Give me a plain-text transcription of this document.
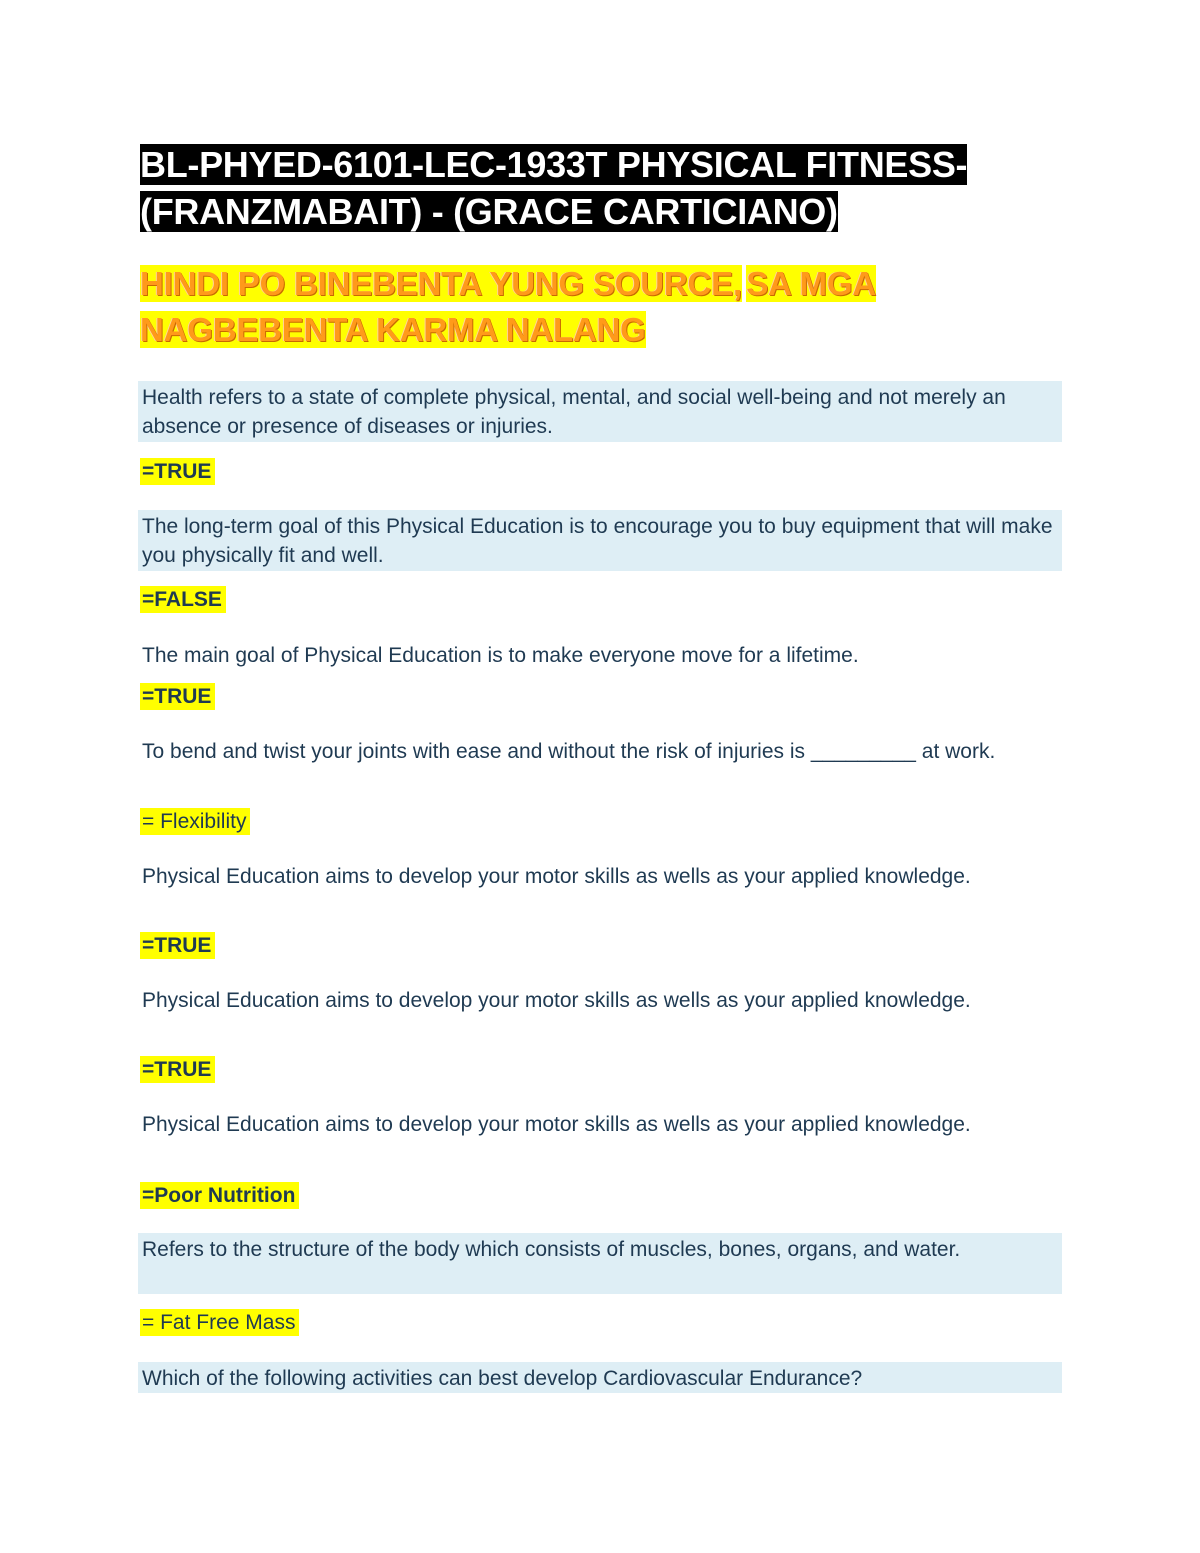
BL-PHYED-6101-LEC-1933T PHYSICAL FITNESS-
(FRANZMABAIT) - (GRACE CARTICIANO)
HINDI PO BINEBENTA YUNG SOURCE, SA MGA
NAGBEBENTA KARMA NALANG
Health refers to a state of complete physical, mental, and social well-being and not merely an absence or presence of diseases or injuries.
=TRUE
The long-term goal of this Physical Education is to encourage you to buy equipment that will make you physically fit and well.
=FALSE
The main goal of Physical Education is to make everyone move for a lifetime.
=TRUE
To bend and twist your joints with ease and without the risk of injuries is _________ at work.
= Flexibility
Physical Education aims to develop your motor skills as wells as your applied knowledge.
=TRUE
Physical Education aims to develop your motor skills as wells as your applied knowledge.
=TRUE
Physical Education aims to develop your motor skills as wells as your applied knowledge.
=Poor Nutrition
Refers to the structure of the body which consists of muscles, bones, organs, and water.
= Fat Free Mass
Which of the following activities can best develop Cardiovascular Endurance?
